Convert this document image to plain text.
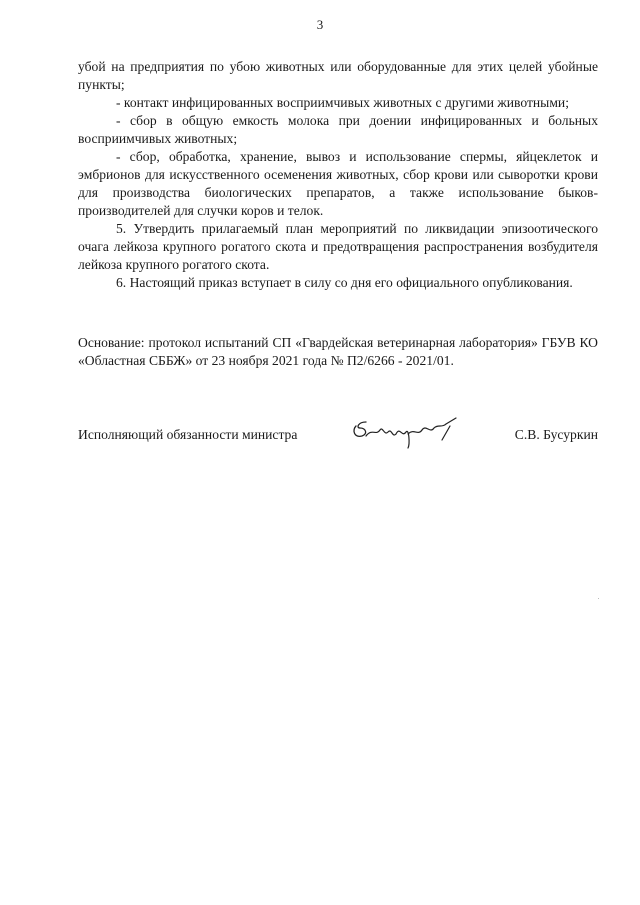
3

убой на предприятия по убою животных или оборудованные для этих целей убойные пункты;

- контакт инфицированных восприимчивых животных с другими животными;

- сбор в общую емкость молока при доении инфицированных и больных восприимчивых животных;

- сбор, обработка, хранение, вывоз и использование спермы, яйцеклеток и эмбрионов для искусственного осеменения животных, сбор крови или сыворотки крови для производства биологических препаратов, а также использование быков-производителей для случки коров и телок.

5. Утвердить прилагаемый план мероприятий по ликвидации эпизоотического очага лейкоза крупного рогатого скота и предотвращения распространения возбудителя лейкоза крупного рогатого скота.

6. Настоящий приказ вступает в силу со дня его официального опубликования.

Основание: протокол испытаний СП «Гвардейская ветеринарная лаборатория» ГБУВ КО «Областная СББЖ» от 23 ноября 2021 года № П2/6266 - 2021/01.

Исполняющий обязанности министра	С.В. Бусуркин
